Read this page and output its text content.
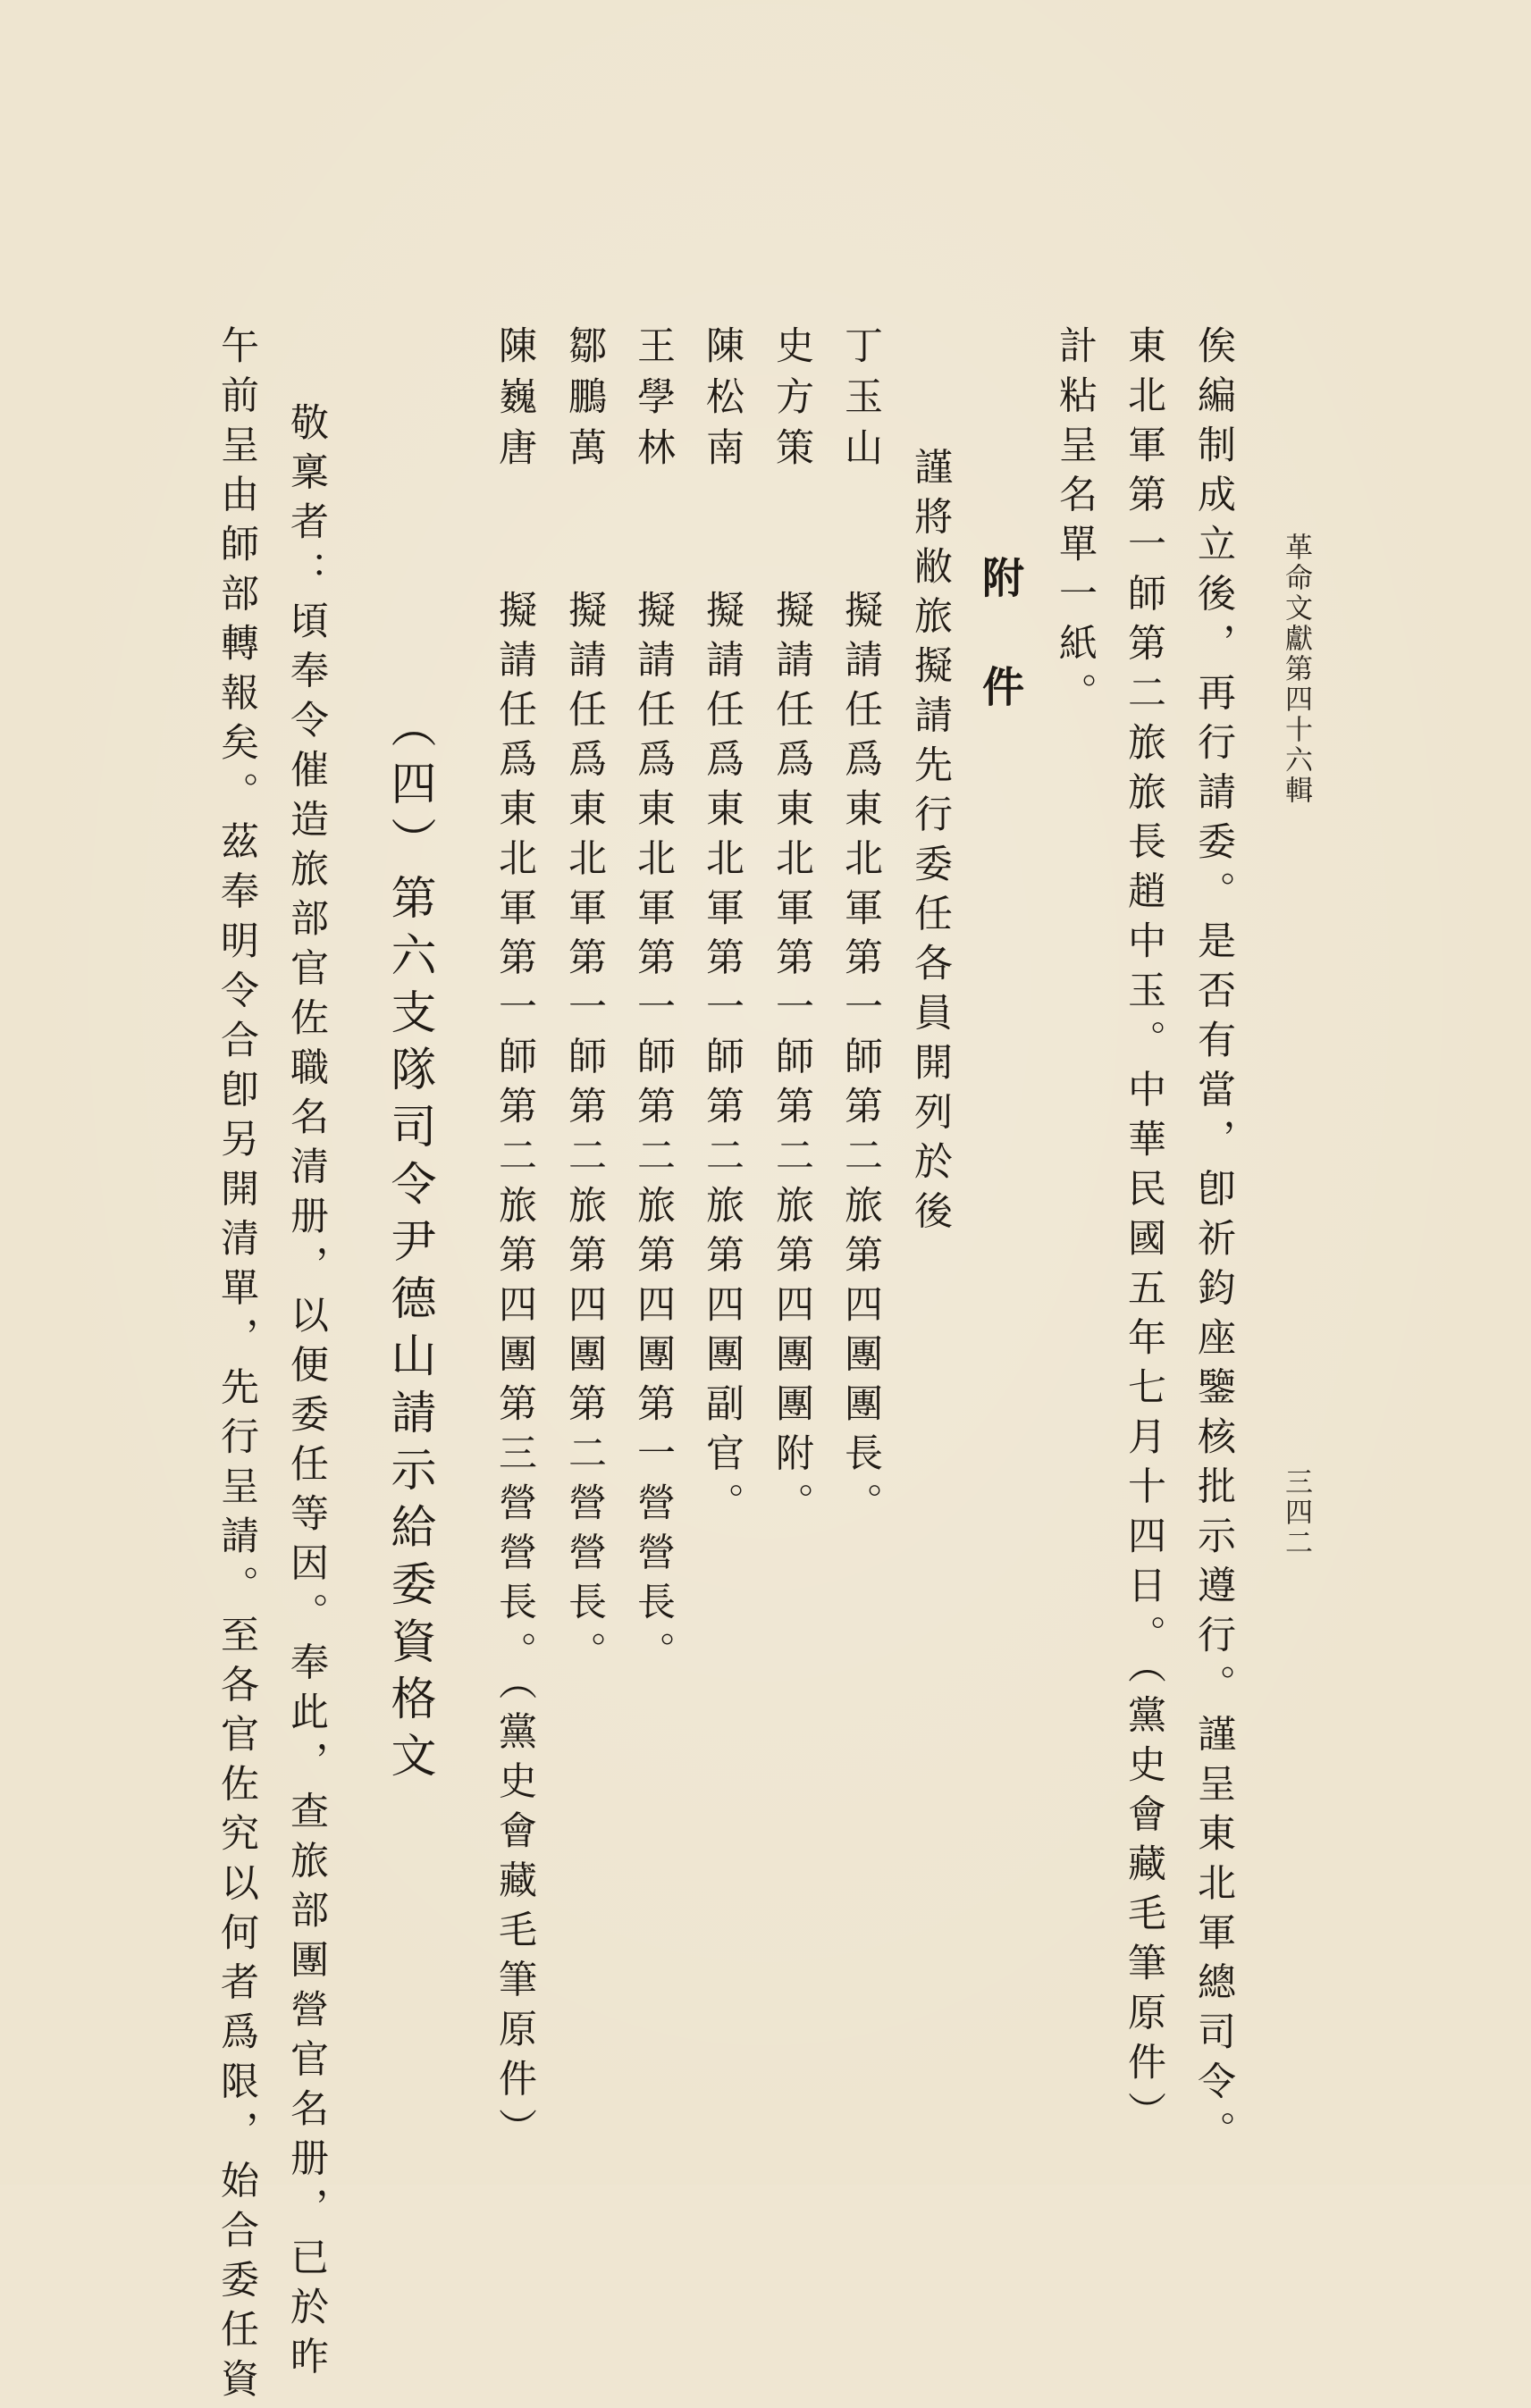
革命文獻第四十六輯
三四二
俟編制成立後，再行請委。是否有當，卽祈鈞座鑒核批示遵行。謹呈東北軍總司令。
東北軍第一師第二旅旅長趙中玉。中華民國五年七月十四日。（黨史會藏毛筆原件）
計粘呈名單一紙。
附　件
謹將敝旅擬請先行委任各員開列於後
丁玉山
擬請任爲東北軍第一師第二旅第四團團長。
史方策
擬請任爲東北軍第一師第二旅第四團團附。
陳松南
擬請任爲東北軍第一師第二旅第四團副官。
王學林
擬請任爲東北軍第一師第二旅第四團第一營營長。
鄒鵬萬
擬請任爲東北軍第一師第二旅第四團第二營營長。
陳巍唐
擬請任爲東北軍第一師第二旅第四團第三營營長。（黨史會藏毛筆原件）
（四）第六支隊司令尹德山請示給委資格文
敬稟者：頃奉令催造旅部官佐職名清册，以便委任等因。奉此，查旅部團營官名册，已於昨
午前呈由師部轉報矣。茲奉明令合卽另開清單，先行呈請。至各官佐究以何者爲限，始合委任資
